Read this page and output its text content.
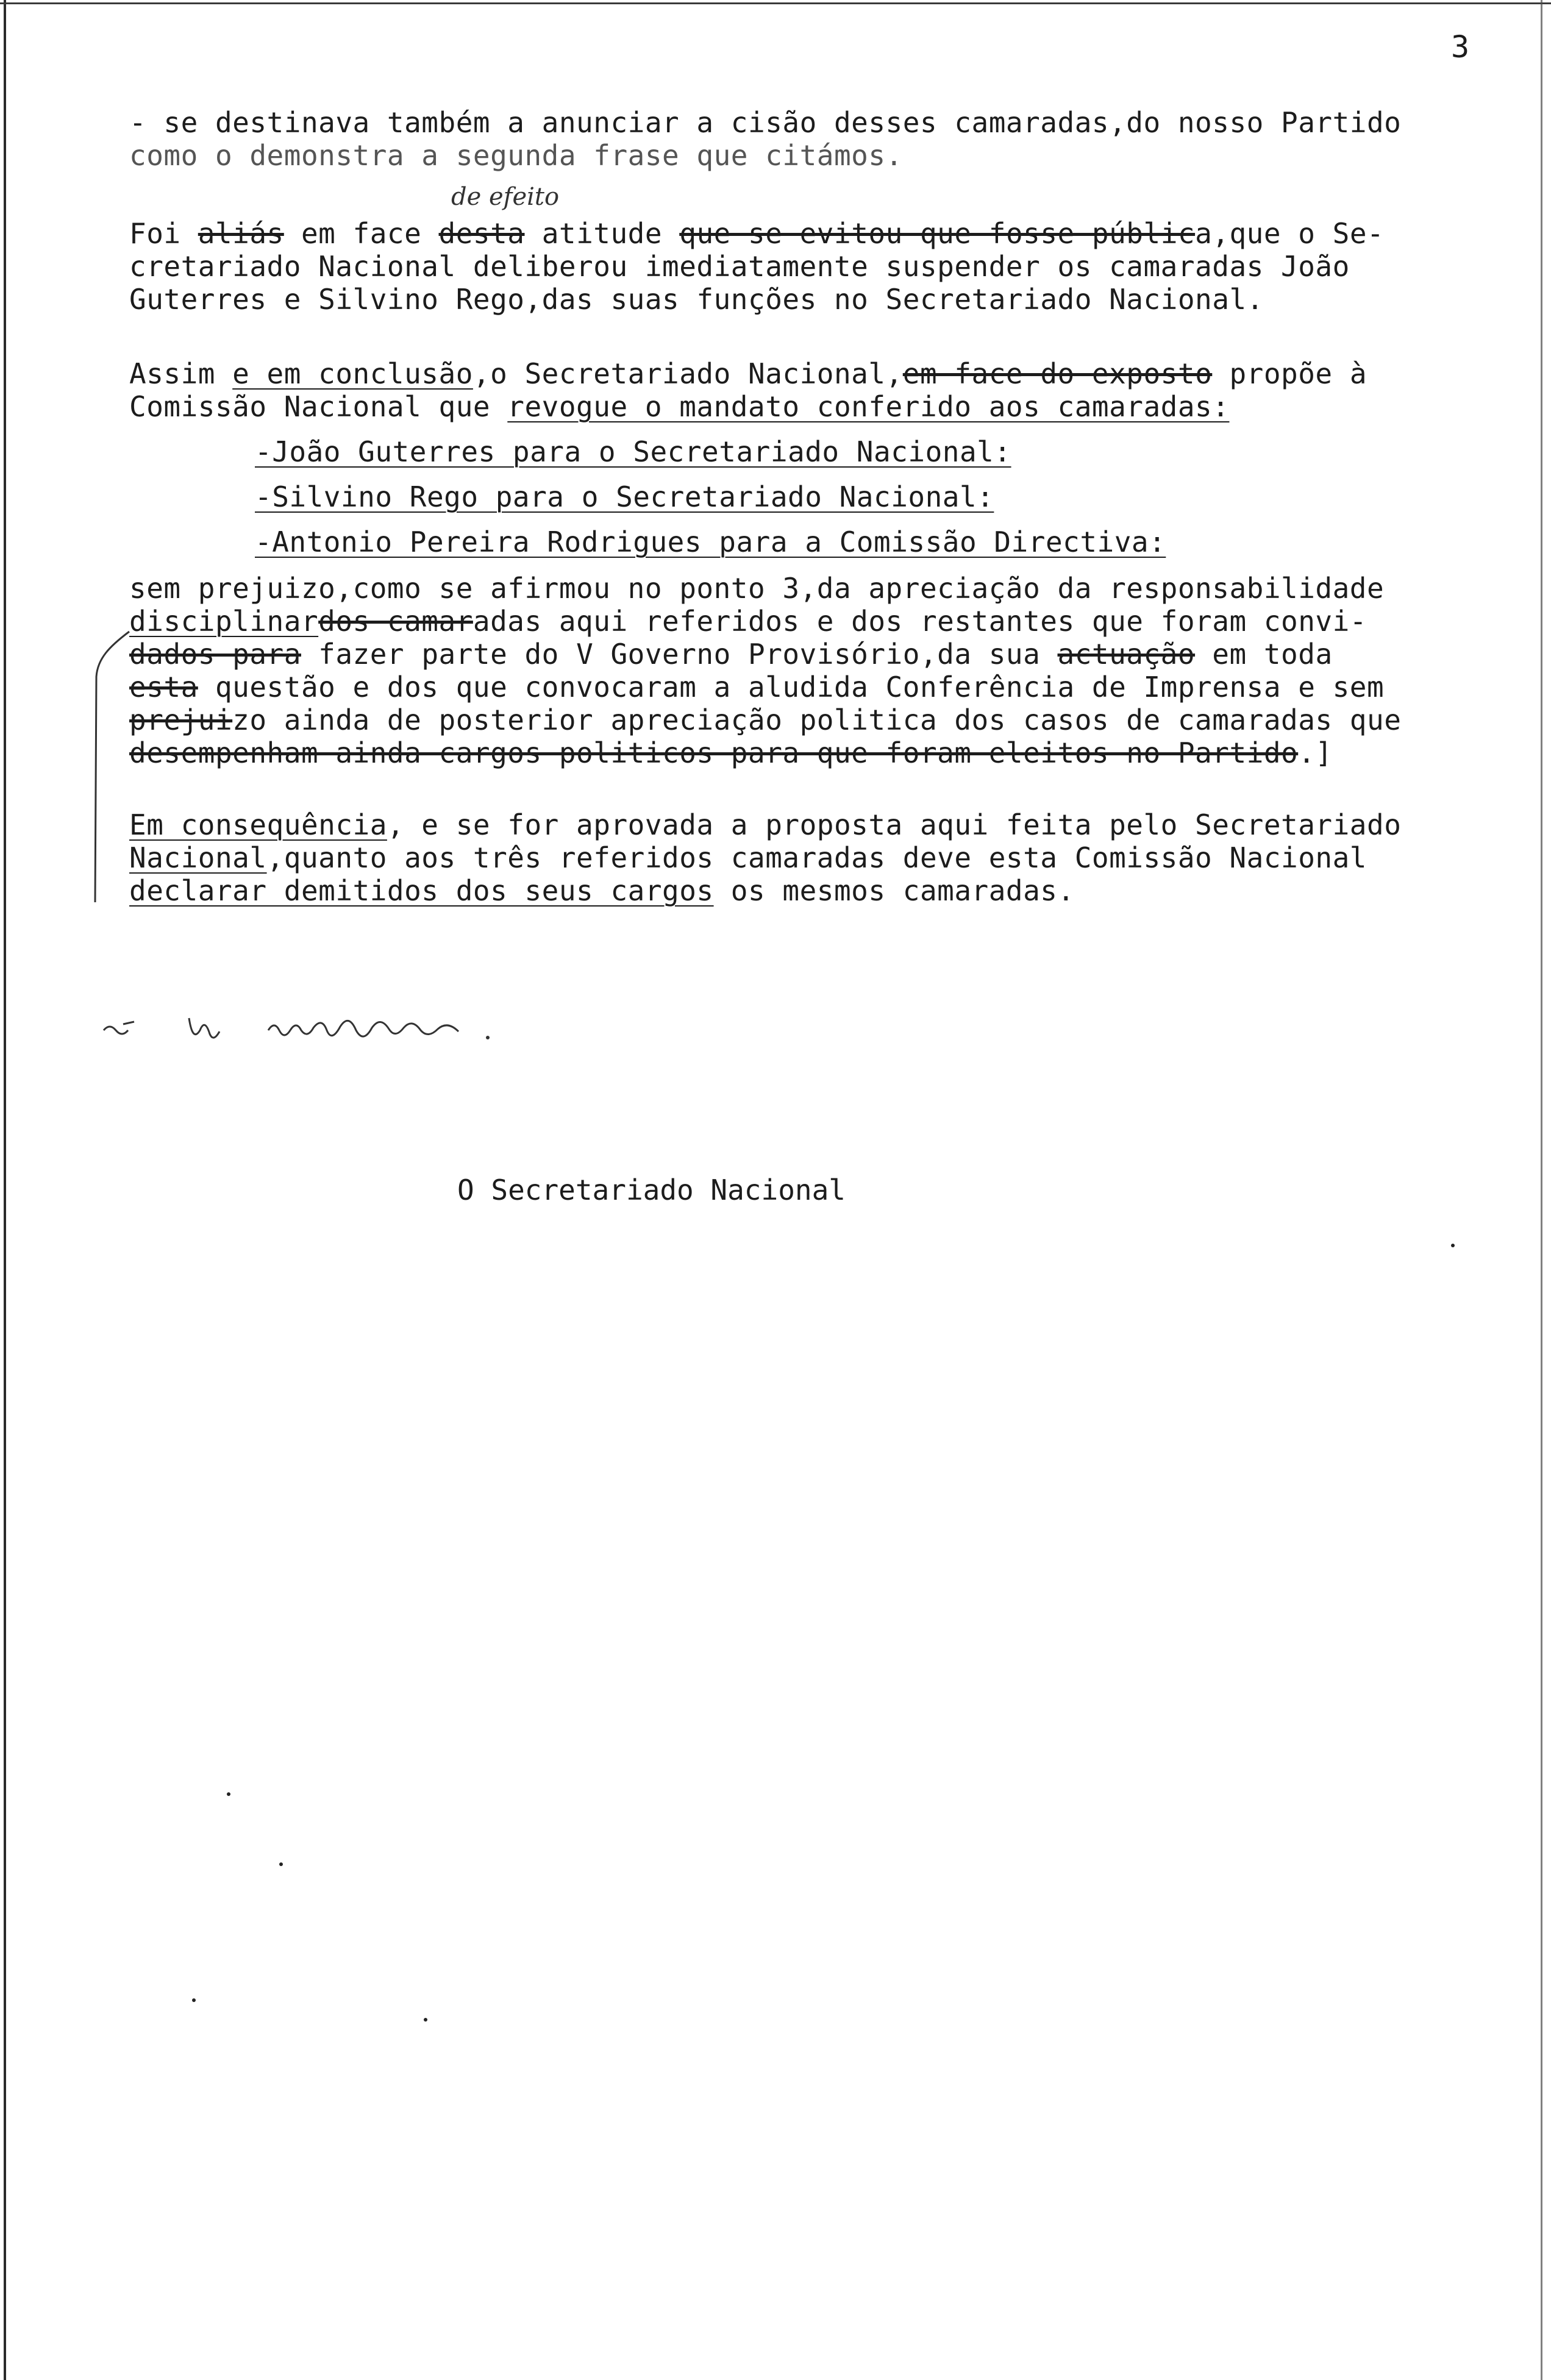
3
- se destinava também a anunciar a cisão desses camaradas,do nosso Partido
como o demonstra a segunda frase que citámos.
de efeito
Foi aliás em face desta atitude que se evitou que fosse pública,que o Se-
cretariado Nacional deliberou imediatamente suspender os camaradas João
Guterres e Silvino Rego,das suas funções no Secretariado Nacional.
Assim e em conclusão,o Secretariado Nacional,em face do exposto propõe à
Comissão Nacional que revogue o mandato conferido aos camaradas:
-João Guterres para o Secretariado Nacional:
-Silvino Rego para o Secretariado Nacional:
-Antonio Pereira Rodrigues para a Comissão Directiva:
sem prejuizo,como se afirmou no ponto 3,da apreciação da responsabilidade
disciplinardos camaradas aqui referidos e dos restantes que foram convi-
dados para fazer parte do V Governo Provisório,da sua actuação em toda
esta questão e dos que convocaram a aludida Conferência de Imprensa e sem
prejuizo ainda de posterior apreciação politica dos casos de camaradas que
desempenham ainda cargos politicos para que foram eleitos no Partido.]
Em consequência, e se for aprovada a proposta aqui feita pelo Secretariado
Nacional,quanto aos três referidos camaradas deve esta Comissão Nacional
declarar demitidos dos seus cargos os mesmos camaradas.
O Secretariado Nacional
